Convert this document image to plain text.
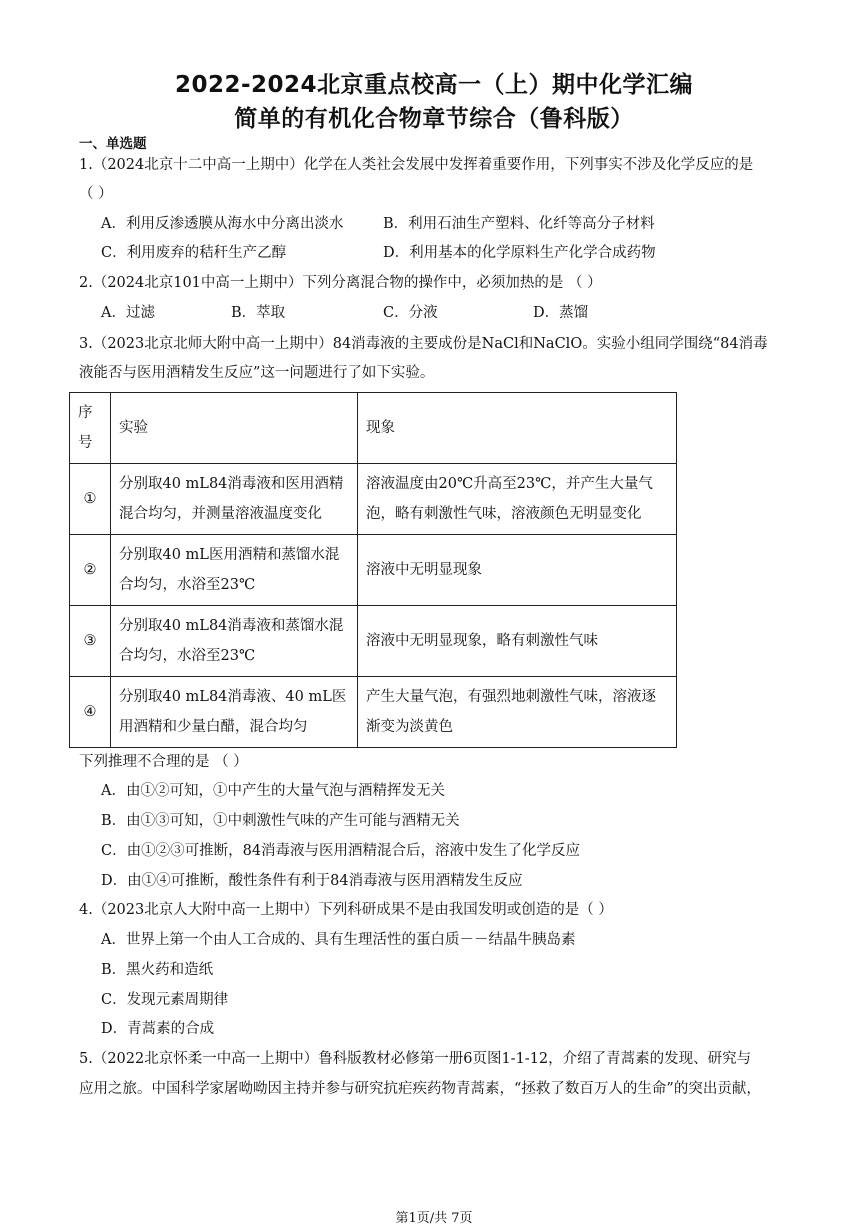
2022-2024北京重点校高一（上）期中化学汇编
简单的有机化合物章节综合（鲁科版）
一、单选题
1.（2024北京十二中高一上期中）化学在人类社会发展中发挥着重要作用，下列事实不涉及化学反应的是
（ ）
A．利用反渗透膜从海水中分离出淡水	B．利用石油生产塑料、化纤等高分子材料
C．利用废弃的秸秆生产乙醇	D．利用基本的化学原料生产化学合成药物
2.（2024北京101中高一上期中）下列分离混合物的操作中，必须加热的是 （ ）
A．过滤	B．萃取	C．分液	D．蒸馏
3.（2023北京北师大附中高一上期中）84消毒液的主要成份是NaCl和NaClO。实验小组同学围绕“84消毒
液能否与医用酒精发生反应”这一问题进行了如下实验。
序号	实验	现象
①	分别取40 mL84消毒液和医用酒精混合均匀，并测量溶液温度变化	溶液温度由20℃升高至23℃，并产生大量气泡，略有刺激性气味，溶液颜色无明显变化
②	分别取40 mL医用酒精和蒸馏水混合均匀，水浴至23℃	溶液中无明显现象
③	分别取40 mL84消毒液和蒸馏水混合均匀，水浴至23℃	溶液中无明显现象，略有刺激性气味
④	分别取40 mL84消毒液、40 mL医用酒精和少量白醋，混合均匀	产生大量气泡，有强烈地刺激性气味，溶液逐渐变为淡黄色
下列推理不合理的是 （ ）
A．由①②可知，①中产生的大量气泡与酒精挥发无关
B．由①③可知，①中刺激性气味的产生可能与酒精无关
C．由①②③可推断，84消毒液与医用酒精混合后，溶液中发生了化学反应
D．由①④可推断，酸性条件有利于84消毒液与医用酒精发生反应
4.（2023北京人大附中高一上期中）下列科研成果不是由我国发明或创造的是（ ）
A．世界上第一个由人工合成的、具有生理活性的蛋白质－－结晶牛胰岛素
B．黑火药和造纸
C．发现元素周期律
D．青蒿素的合成
5.（2022北京怀柔一中高一上期中）鲁科版教材必修第一册6页图1-1-12，介绍了青蒿素的发现、研究与
应用之旅。中国科学家屠呦呦因主持并参与研究抗疟疾药物青蒿素，“拯救了数百万人的生命”的突出贡献，
第1页/共 7页
